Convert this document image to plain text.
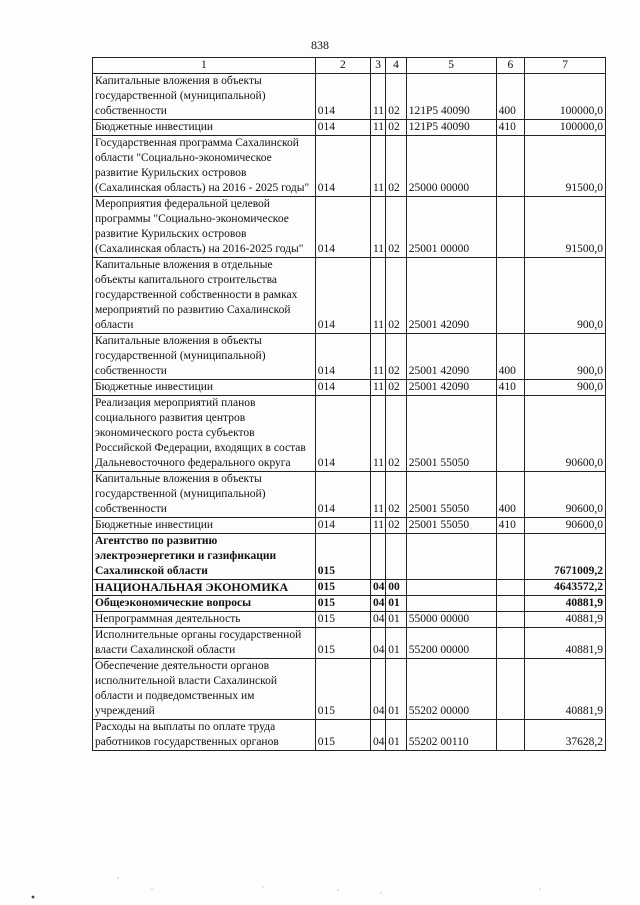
838
1	2	3	4	5	6	7
Капитальные вложения в объекты государственной (муниципальной) собственности	014	11	02	121P5 40090	400	100000,0
Бюджетные инвестиции	014	11	02	121P5 40090	410	100000,0
Государственная программа Сахалинской области "Социально-экономическое развитие Курильских островов (Сахалинская область) на 2016 - 2025 годы"	014	11	02	25000 00000		91500,0
Мероприятия федеральной целевой программы "Социально-экономическое развитие Курильских островов (Сахалинская область) на 2016-2025 годы"	014	11	02	25001 00000		91500,0
Капитальные вложения в отдельные объекты капитального строительства государственной собственности в рамках мероприятий по развитию Сахалинской области	014	11	02	25001 42090		900,0
Капитальные вложения в объекты государственной (муниципальной) собственности	014	11	02	25001 42090	400	900,0
Бюджетные инвестиции	014	11	02	25001 42090	410	900,0
Реализация мероприятий планов социального развития центров экономического роста субъектов Российской Федерации, входящих в состав Дальневосточного федерального округа	014	11	02	25001 55050		90600,0
Капитальные вложения в объекты государственной (муниципальной) собственности	014	11	02	25001 55050	400	90600,0
Бюджетные инвестиции	014	11	02	25001 55050	410	90600,0
Агентство по развитию электроэнергетики и газификации Сахалинской области	015					7671009,2
НАЦИОНАЛЬНАЯ ЭКОНОМИКА	015	04	00			4643572,2
Общеэкономические вопросы	015	04	01			40881,9
Непрограммная деятельность	015	04	01	55000 00000		40881,9
Исполнительные органы государственной власти Сахалинской области	015	04	01	55200 00000		40881,9
Обеспечение деятельности органов исполнительной власти Сахалинской области и подведомственных им учреждений	015	04	01	55202 00000		40881,9
Расходы на выплаты по оплате труда работников государственных органов	015	04	01	55202 00110		37628,2
